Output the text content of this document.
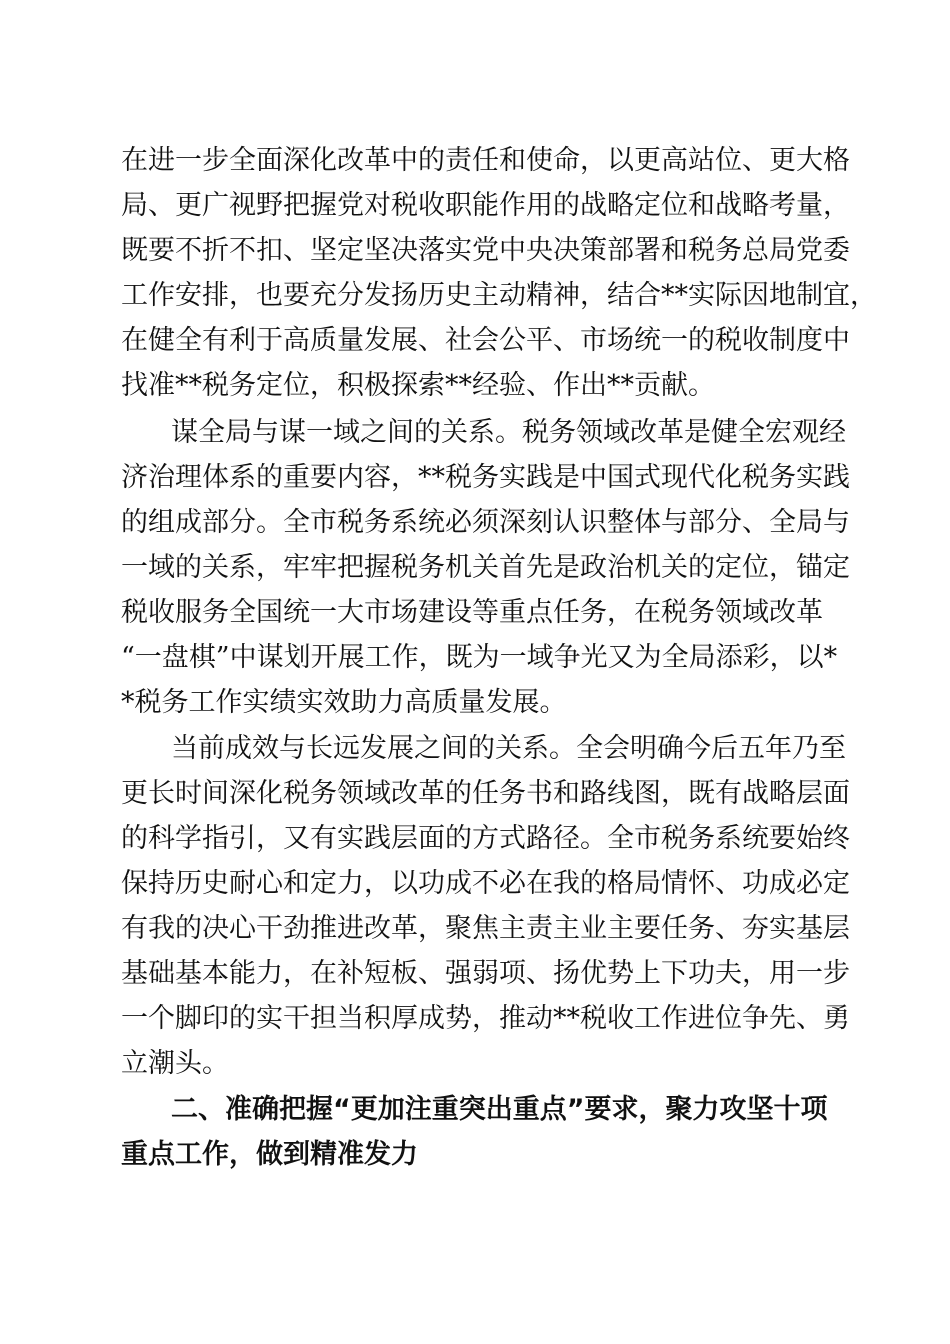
在进一步全面深化改革中的责任和使命，以更高站位、更大格
局、更广视野把握党对税收职能作用的战略定位和战略考量，
既要不折不扣、坚定坚决落实党中央决策部署和税务总局党委
工作安排，也要充分发扬历史主动精神，结合**实际因地制宜，
在健全有利于高质量发展、社会公平、市场统一的税收制度中
找准**税务定位，积极探索**经验、作出**贡献。
谋全局与谋一域之间的关系。税务领域改革是健全宏观经
济治理体系的重要内容，**税务实践是中国式现代化税务实践
的组成部分。全市税务系统必须深刻认识整体与部分、全局与
一域的关系，牢牢把握税务机关首先是政治机关的定位，锚定
税收服务全国统一大市场建设等重点任务，在税务领域改革
“一盘棋”中谋划开展工作，既为一域争光又为全局添彩，以*
*税务工作实绩实效助力高质量发展。
当前成效与长远发展之间的关系。全会明确今后五年乃至
更长时间深化税务领域改革的任务书和路线图，既有战略层面
的科学指引，又有实践层面的方式路径。全市税务系统要始终
保持历史耐心和定力，以功成不必在我的格局情怀、功成必定
有我的决心干劲推进改革，聚焦主责主业主要任务、夯实基层
基础基本能力，在补短板、强弱项、扬优势上下功夫，用一步
一个脚印的实干担当积厚成势，推动**税收工作进位争先、勇
立潮头。
二、准确把握“更加注重突出重点”要求，聚力攻坚十项
重点工作，做到精准发力
